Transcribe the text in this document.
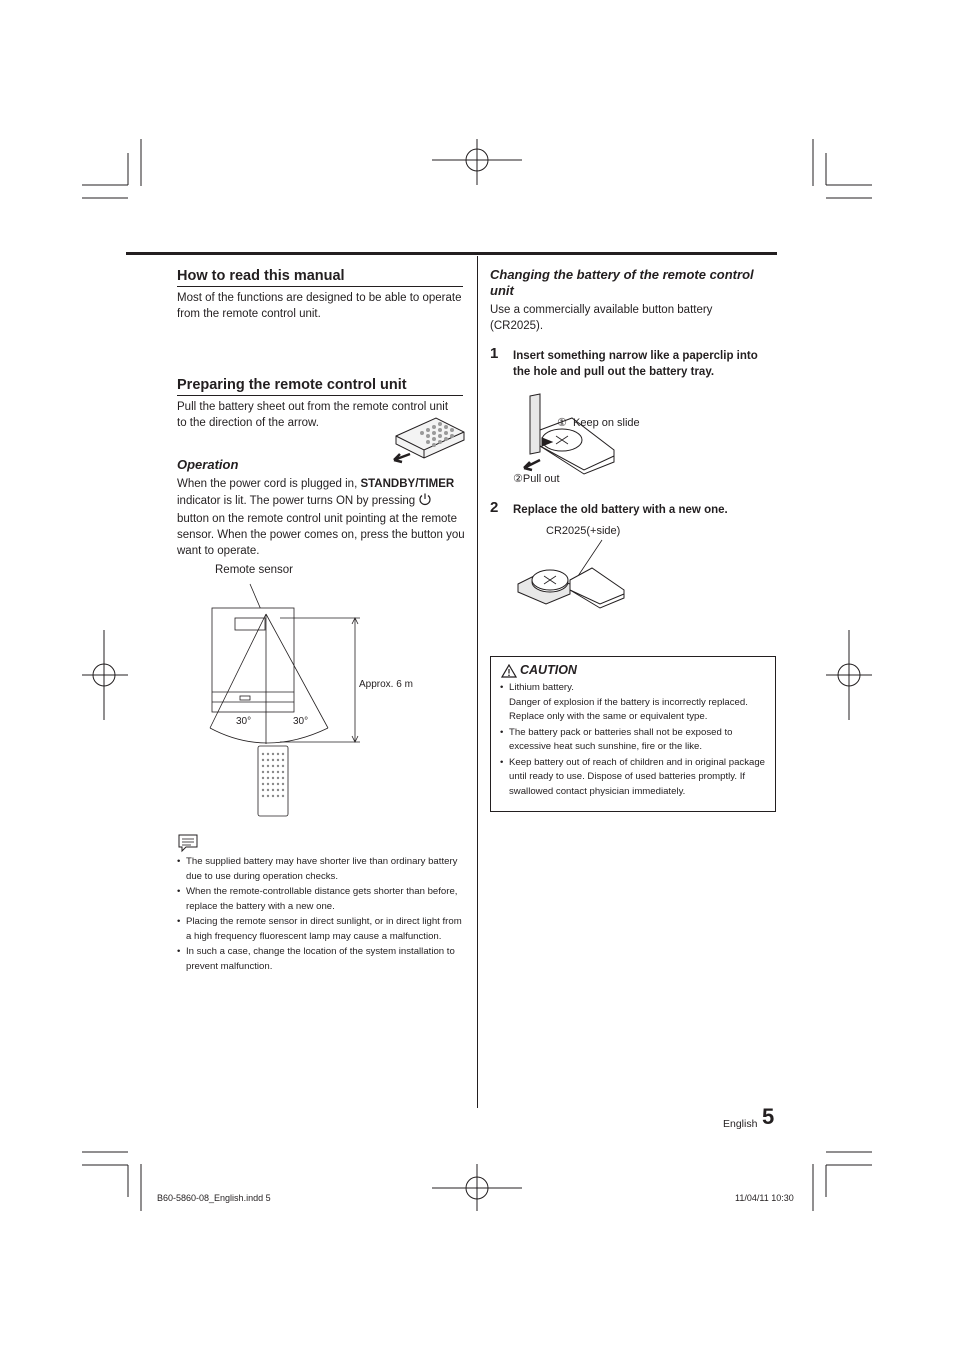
How to read this manual

Most of the functions are designed to be able to operate from the remote control unit.

Preparing the remote control unit

Pull the battery sheet out from the remote control unit to the direction of the arrow.

Operation

When the power cord is plugged in, STANDBY/TIMER indicator is lit. The power turns ON by pressing
button on the remote control unit pointing at the remote sensor. When the power comes on, press the button you want to operate.

Remote sensor
Approx. 6 m
30°	30°
• The supplied battery may have shorter live than ordinary battery due to use during operation checks.
• When the remote-controllable distance gets shorter than before, replace the battery with a new one.
• Placing the remote sensor in direct sunlight, or in direct light from a high frequency fluorescent lamp may cause a malfunction.
• In such a case, change the location of the system installation to prevent malfunction.

Changing the battery of the remote control unit

Use a commercially available button battery (CR2025).

1 Insert something narrow like a paperclip into the hole and pull out the battery tray.

① Keep on slide
②Pull out
2 Replace the old battery with a new one.

CR2025(+side)
CAUTION
• Lithium battery.
Danger of explosion if the battery is incorrectly replaced. Replace only with the same or equivalent type.
• The battery pack or batteries shall not be exposed to excessive heat such sunshine, fire or the like.
• Keep battery out of reach of children and in original package until ready to use. Dispose of used batteries promptly. If swallowed contact physician immediately.
English 5
B60-5860-08_English.indd 5	11/04/11 10:30
